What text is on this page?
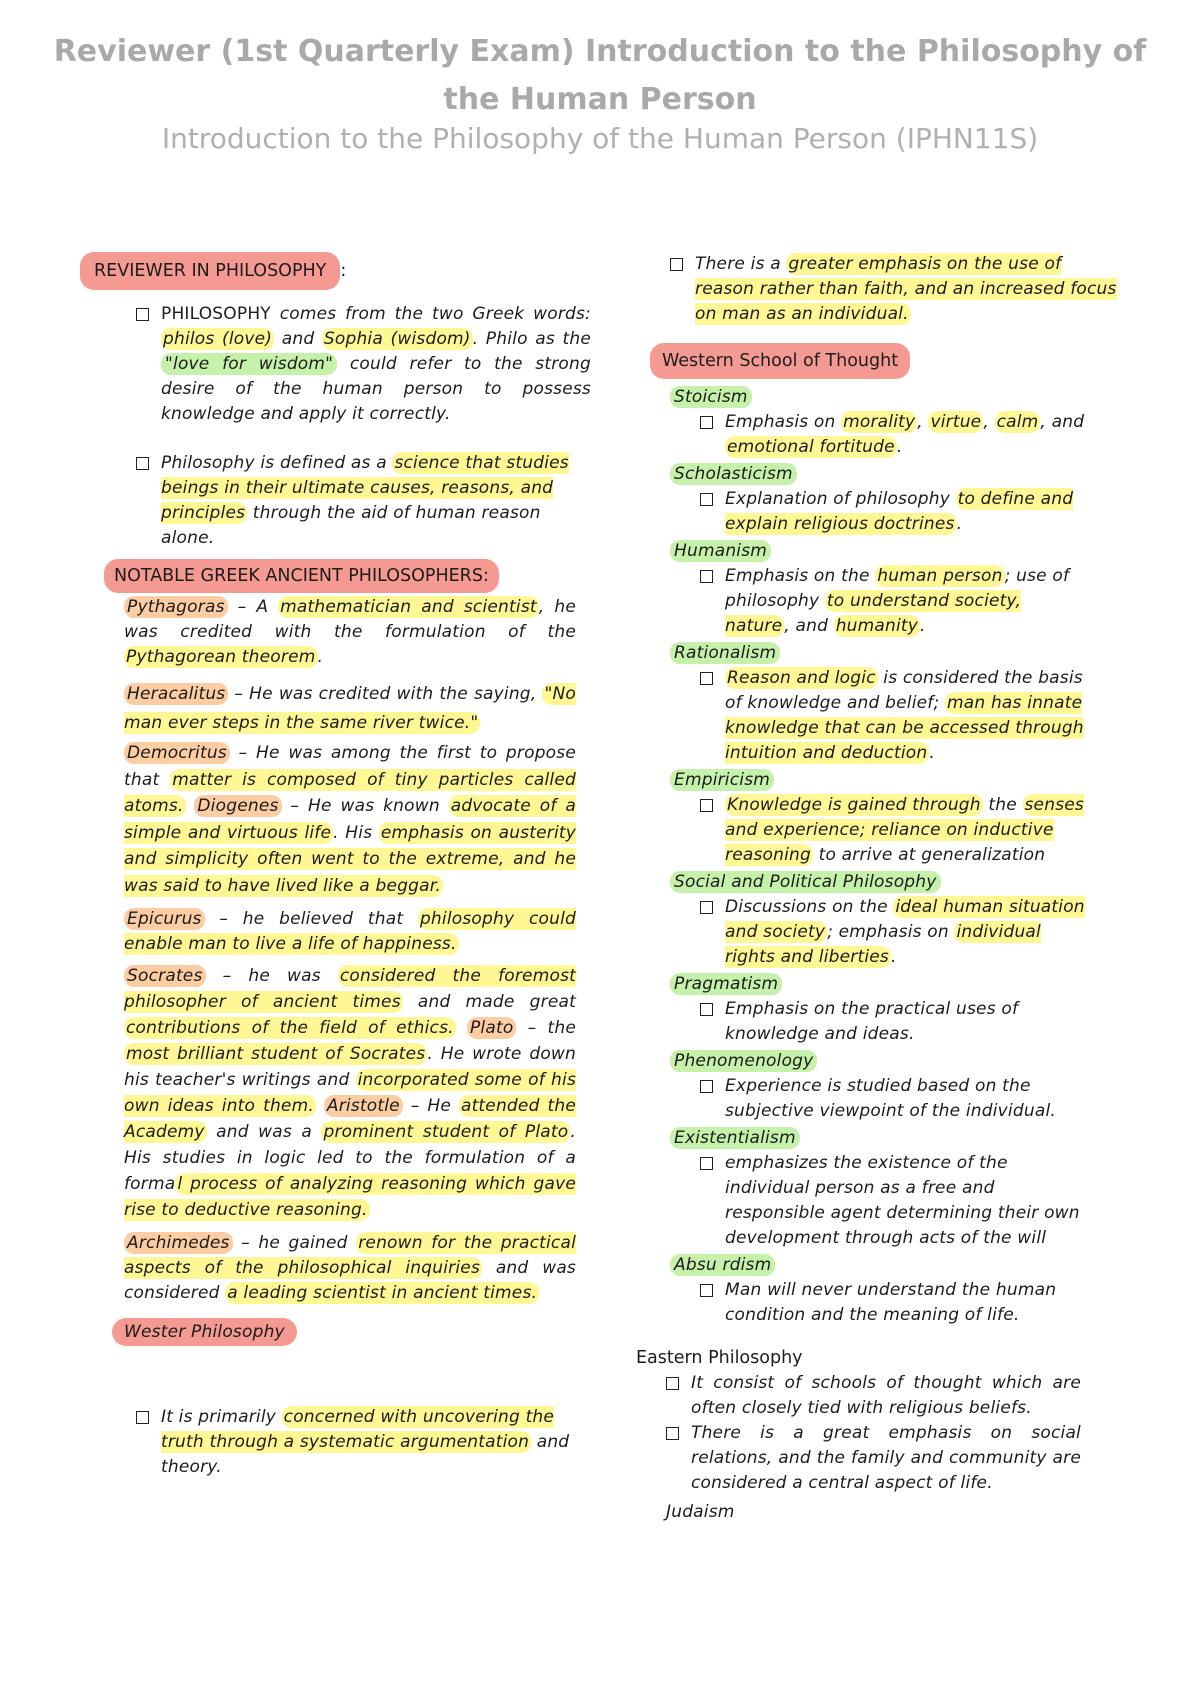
Reviewer (1st Quarterly Exam) Introduction to the Philosophy of the Human Person
Introduction to the Philosophy of the Human Person (IPHN11S)
REVIEWER IN PHILOSOPHY :
PHILOSOPHY comes from the two Greek words: philos (love) and Sophia (wisdom) . Philo as the "love for wisdom" could refer to the strong desire of the human person to possess knowledge and apply it correctly.
Philosophy is defined as a science that studies beings in their ultimate causes, reasons, and principles through the aid of human reason alone.
NOTABLE GREEK ANCIENT PHILOSOPHERS:
Pythagoras – A mathematician and scientist , he was credited with the formulation of the Pythagorean theorem .
Heracalitus – He was credited with the saying, "No man ever steps in the same river twice."
Democritus – He was among the first to propose that matter is composed of tiny particles called atoms. Diogenes – He was known advocate of a simple and virtuous life . His emphasis on austerity and simplicity often went to the extreme, and he was said to have lived like a beggar.
Epicurus – he believed that philosophy could enable man to live a life of happiness.
Socrates – he was considered the foremost philosopher of ancient times and made great contributions of the field of ethics. Plato – the most brilliant student of Socrates . He wrote down his teacher's writings and incorporated some of his own ideas into them. Aristotle – He attended the Academy and was a prominent student of Plato . His studies in logic led to the formulation of a forma l process of analyzing reasoning which gave rise to deductive reasoning.
Archimedes – he gained renown for the practical aspects of the philosophical inquiries and was considered a leading scientist in ancient times.
Wester Philosophy
It is primarily concerned with uncovering the truth through a systematic argumentation and theory.
There is a greater emphasis on the use of reason rather than faith, and an increased focus on man as an individual.
Western School of Thought
Stoicism
Emphasis on morality , virtue , calm , and emotional fortitude .
Scholasticism
Explanation of philosophy to define and explain religious doctrines .
Humanism
Emphasis on the human person ; use of philosophy to understand society, nature , and humanity .
Rationalism
Reason and logic is considered the basis of knowledge and belief; man has innate knowledge that can be accessed through intuition and deduction .
Empiricism
Knowledge is gained through the senses and experience; reliance on inductive reasoning to arrive at generalization
Social and Political Philosophy
Discussions on the ideal human situation and society ; emphasis on individual rights and liberties .
Pragmatism
Emphasis on the practical uses of knowledge and ideas.
Phenomenology
Experience is studied based on the subjective viewpoint of the individual.
Existentialism
emphasizes the existence of the individual person as a free and responsible agent determining their own development through acts of the will
Absu rdism
Man will never understand the human condition and the meaning of life.
Eastern Philosophy
It consist of schools of thought which are often closely tied with religious beliefs.
There is a great emphasis on social relations, and the family and community are considered a central aspect of life.
Judaism
